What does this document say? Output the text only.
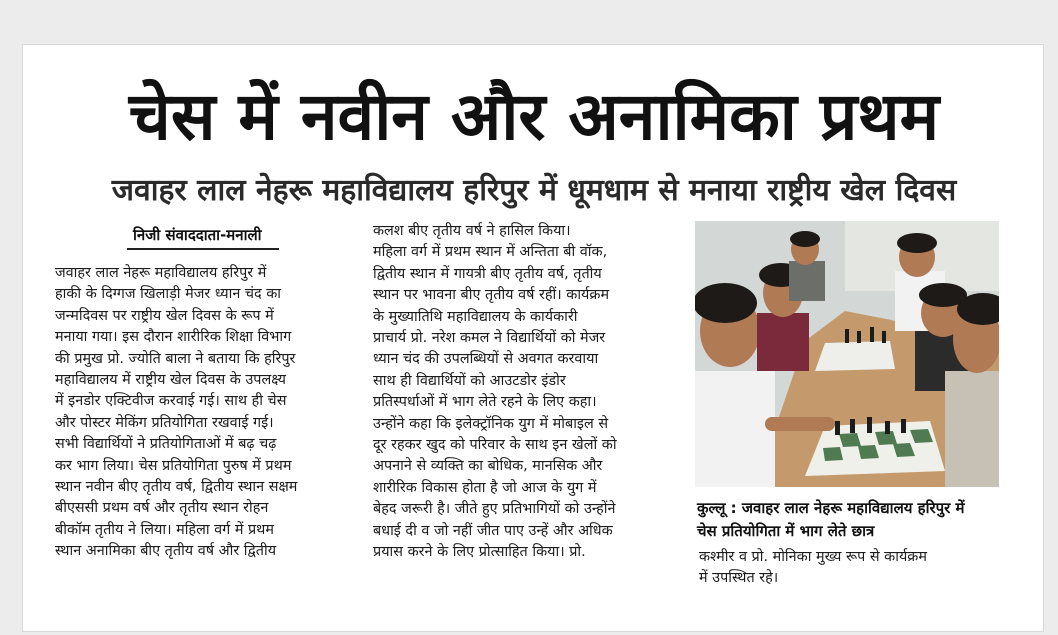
चेस में नवीन और अनामिका प्रथम
जवाहर लाल नेहरू महाविद्यालय हरिपुर में धूमधाम से मनाया राष्ट्रीय खेल दिवस
निजी संवाददाता-मनाली
जवाहर लाल नेहरू महाविद्यालय हरिपुर में
हाकी के दिग्गज खिलाड़ी मेजर ध्यान चंद का
जन्मदिवस पर राष्ट्रीय खेल दिवस के रूप में
मनाया गया। इस दौरान शारीरिक शिक्षा विभाग
की प्रमुख प्रो. ज्योति बाला ने बताया कि हरिपुर
महाविद्यालय में राष्ट्रीय खेल दिवस के उपलक्ष्य
में इनडोर एक्टिवीज करवाई गई। साथ ही चेस
और पोस्टर मेकिंग प्रतियोगिता रखवाई गई।
सभी विद्यार्थियों ने प्रतियोगिताओं में बढ़ चढ़
कर भाग लिया। चेस प्रतियोगिता पुरुष में प्रथम
स्थान नवीन बीए तृतीय वर्ष, द्वितीय स्थान सक्षम
बीएससी प्रथम वर्ष और तृतीय स्थान रोहन
बीकॉम तृतीय ने लिया। महिला वर्ग में प्रथम
स्थान अनामिका बीए तृतीय वर्ष और द्वितीय
कलश बीए तृतीय वर्ष ने हासिल किया।
महिला वर्ग में प्रथम स्थान में अन्तिता बी वॉक,
द्वितीय स्थान में गायत्री बीए तृतीय वर्ष, तृतीय
स्थान पर भावना बीए तृतीय वर्ष रहीं। कार्यक्रम
के मुख्यातिथि महाविद्यालय के कार्यकारी
प्राचार्य प्रो. नरेश कमल ने विद्यार्थियों को मेजर
ध्यान चंद की उपलब्धियों से अवगत करवाया
साथ ही विद्यार्थियों को आउटडोर इंडोर
प्रतिस्पर्धाओं में भाग लेते रहने के लिए कहा।
उन्होंने कहा कि इलेक्ट्रॉनिक युग में मोबाइल से
दूर रहकर खुद को परिवार के साथ इन खेलों को
अपनाने से व्यक्ति का बोधिक, मानसिक और
शारीरिक विकास होता है जो आज के युग में
बेहद जरूरी है। जीते हुए प्रतिभागियों को उन्होंने
बधाई दी व जो नहीं जीत पाए उन्हें और अधिक
प्रयास करने के लिए प्रोत्साहित किया। प्रो.
कुल्लू : जवाहर लाल नेहरू महाविद्यालय हरिपुर में
चेस प्रतियोगिता में भाग लेते छात्र
कश्मीर व प्रो. मोनिका मुख्य रूप से कार्यक्रम
में उपस्थित रहे।
